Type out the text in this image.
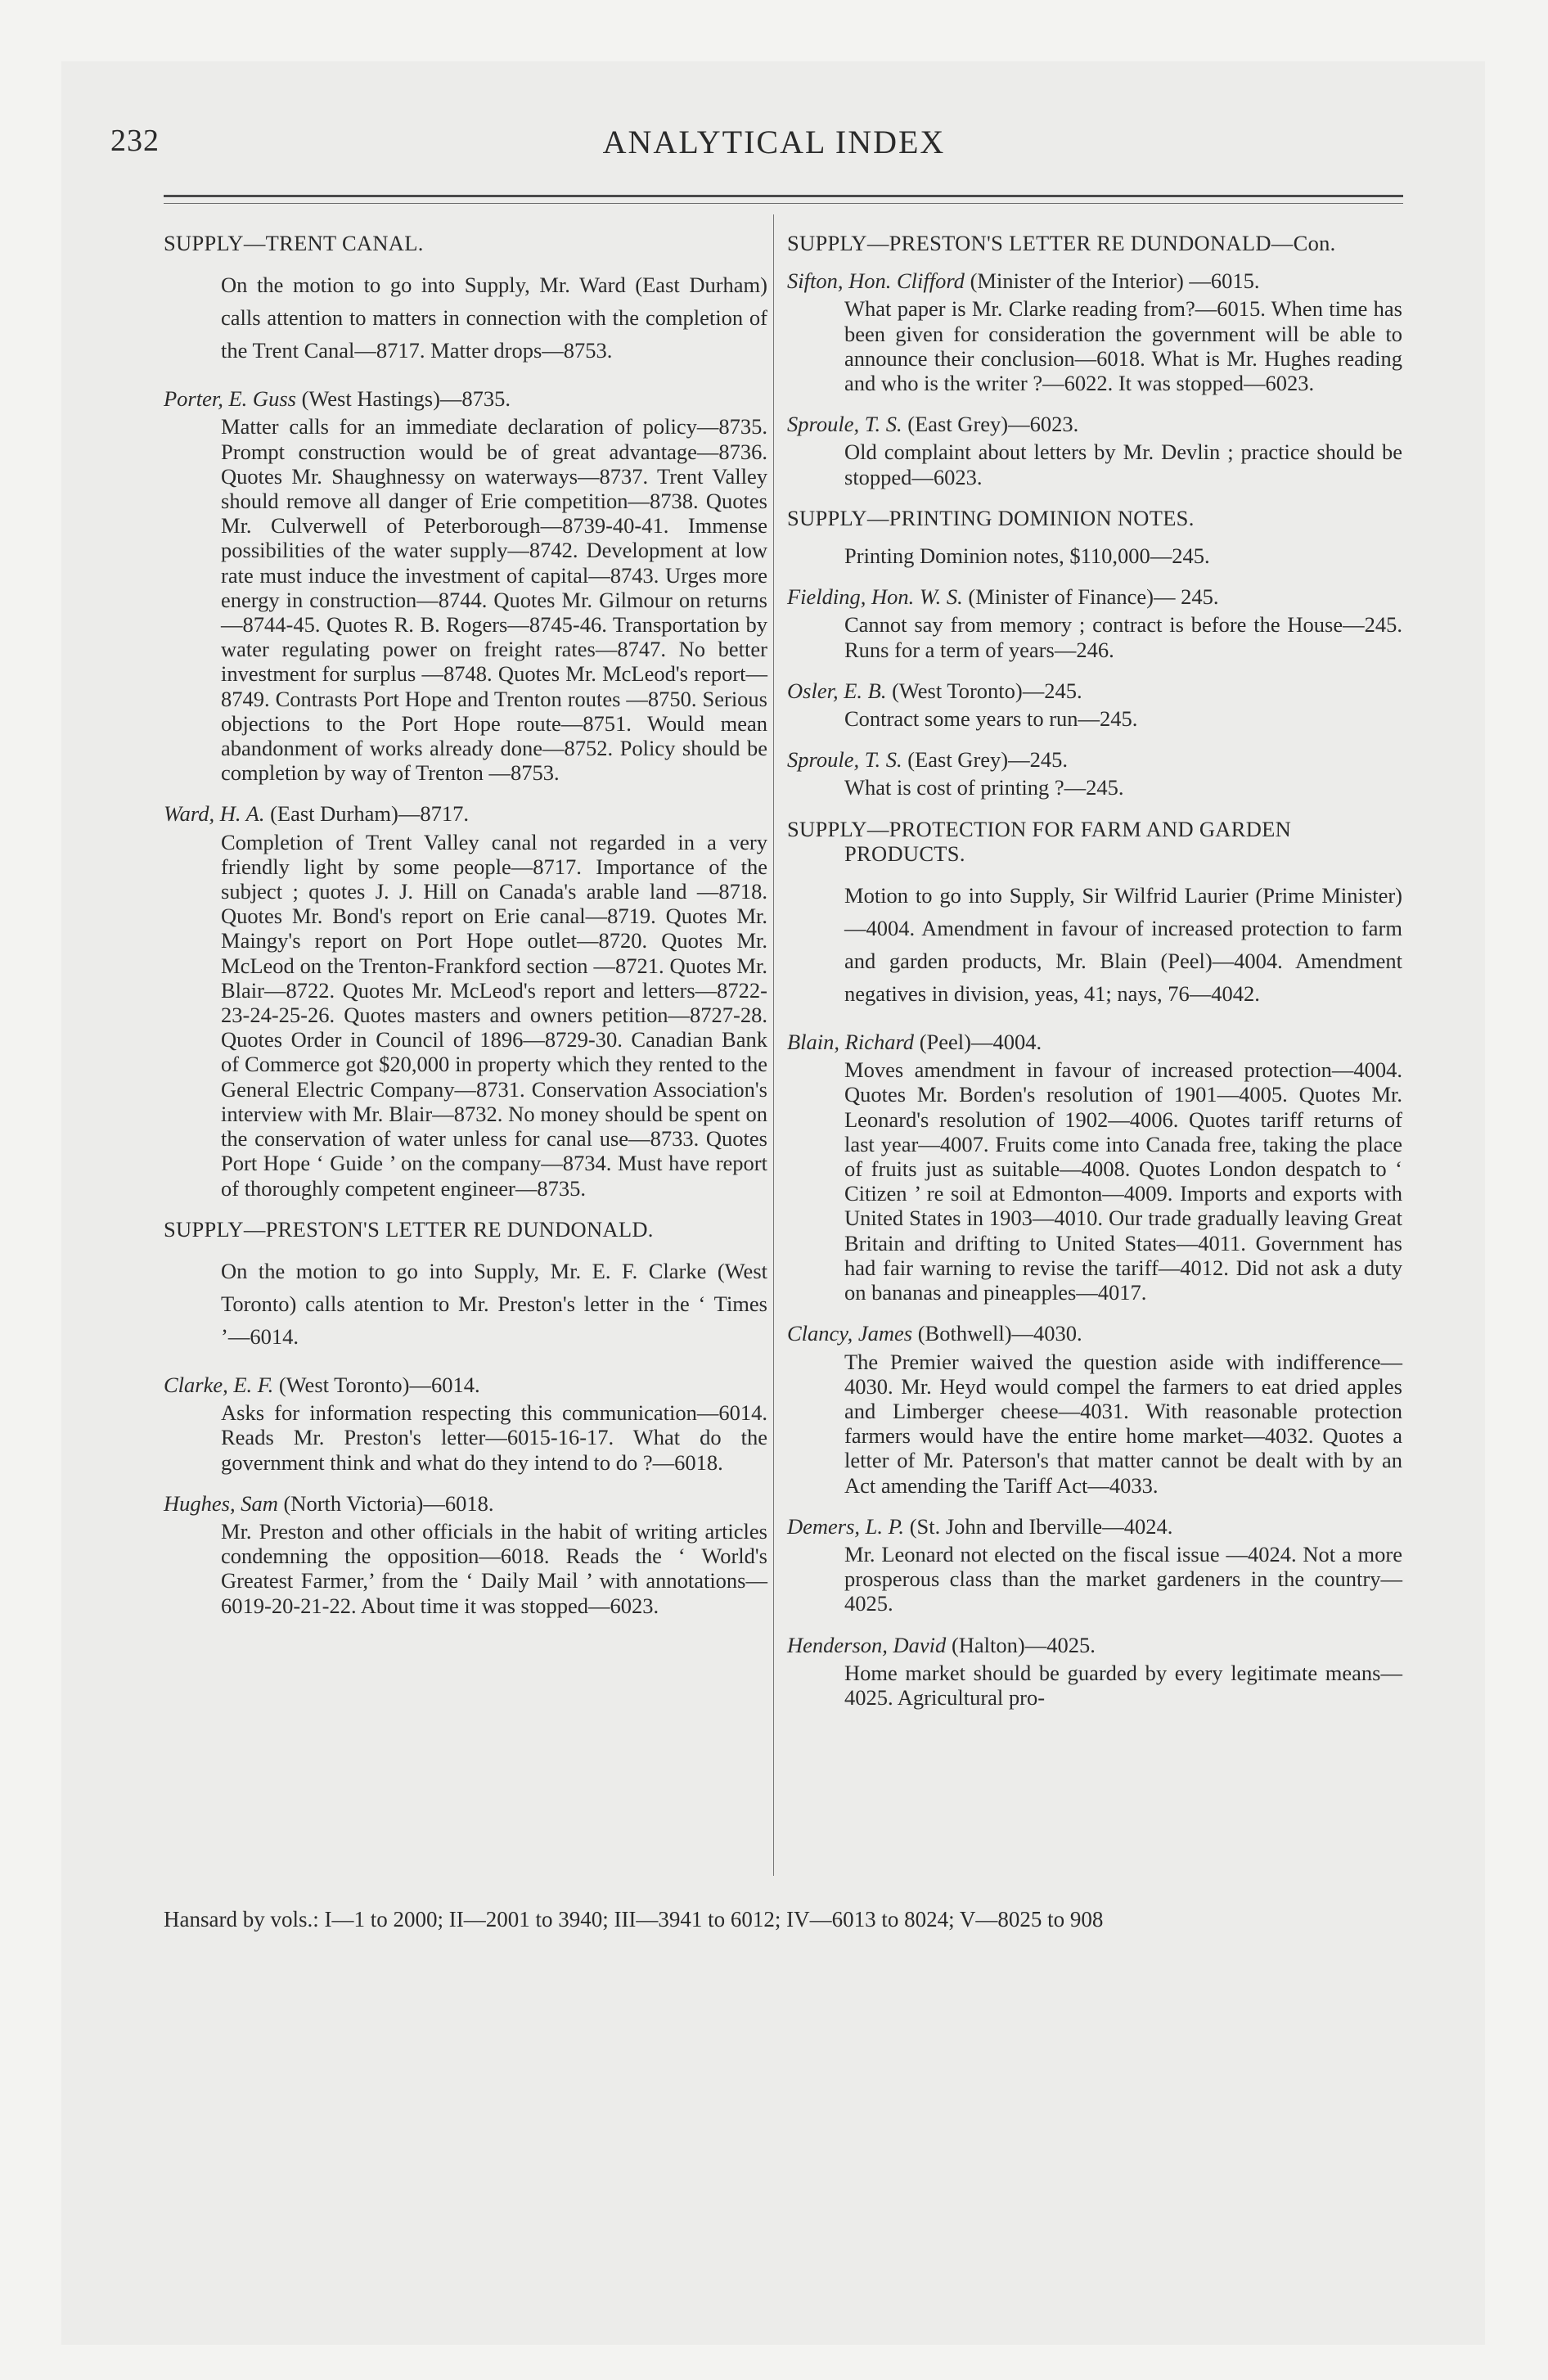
232	ANALYTICAL INDEX
SUPPLY—TRENT CANAL.
On the motion to go into Supply, Mr. Ward (East Durham) calls attention to matters in connection with the completion of the Trent Canal—8717. Matter drops—8753.
Porter, E. Guss (West Hastings)—8735.
Matter calls for an immediate declaration of policy—8735. Prompt construction would be of great advantage—8736. Quotes Mr. Shaughnessy on waterways—8737. Trent Valley should remove all danger of Erie competition—8738. Quotes Mr. Culverwell of Peterborough—8739-40-41. Immense possibilities of the water supply—8742. Development at low rate must induce the investment of capital—8743. Urges more energy in construction—8744. Quotes Mr. Gilmour on returns—8744-45. Quotes R. B. Rogers—8745-46. Transportation by water regulating power on freight rates—8747. No better investment for surplus —8748. Quotes Mr. McLeod's report—8749. Contrasts Port Hope and Trenton routes —8750. Serious objections to the Port Hope route—8751. Would mean abandonment of works already done—8752. Policy should be completion by way of Trenton —8753.
Ward, H. A. (East Durham)—8717.
Completion of Trent Valley canal not regarded in a very friendly light by some people—8717. Importance of the subject ; quotes J. J. Hill on Canada's arable land —8718. Quotes Mr. Bond's report on Erie canal—8719. Quotes Mr. Maingy's report on Port Hope outlet—8720. Quotes Mr. McLeod on the Trenton-Frankford section —8721. Quotes Mr. Blair—8722. Quotes Mr. McLeod's report and letters—8722-23-24-25-26. Quotes masters and owners petition—8727-28. Quotes Order in Council of 1896—8729-30. Canadian Bank of Commerce got $20,000 in property which they rented to the General Electric Company—8731. Conservation Association's interview with Mr. Blair—8732. No money should be spent on the conservation of water unless for canal use—8733. Quotes Port Hope ‘ Guide ’ on the company—8734. Must have report of thoroughly competent engineer—8735.
SUPPLY—PRESTON'S LETTER RE DUNDONALD.
On the motion to go into Supply, Mr. E. F. Clarke (West Toronto) calls atention to Mr. Preston's letter in the ‘ Times ’—6014.
Clarke, E. F. (West Toronto)—6014.
Asks for information respecting this communication—6014. Reads Mr. Preston's letter—6015-16-17. What do the government think and what do they intend to do ?—6018.
Hughes, Sam (North Victoria)—6018.
Mr. Preston and other officials in the habit of writing articles condemning the opposition—6018. Reads the ‘ World's Greatest Farmer,’ from the ‘ Daily Mail ’ with annotations—6019-20-21-22. About time it was stopped—6023.
SUPPLY—PRESTON'S LETTER RE DUNDONALD—Con.
Sifton, Hon. Clifford (Minister of the Interior) —6015.
What paper is Mr. Clarke reading from?—6015. When time has been given for consideration the government will be able to announce their conclusion—6018. What is Mr. Hughes reading and who is the writer ?—6022. It was stopped—6023.
Sproule, T. S. (East Grey)—6023.
Old complaint about letters by Mr. Devlin ; practice should be stopped—6023.
SUPPLY—PRINTING DOMINION NOTES.
Printing Dominion notes, $110,000—245.
Fielding, Hon. W. S. (Minister of Finance)— 245.
Cannot say from memory ; contract is before the House—245. Runs for a term of years—246.
Osler, E. B. (West Toronto)—245.
Contract some years to run—245.
Sproule, T. S. (East Grey)—245.
What is cost of printing ?—245.
SUPPLY—PROTECTION FOR FARM AND GARDEN PRODUCTS.
Motion to go into Supply, Sir Wilfrid Laurier (Prime Minister)—4004. Amendment in favour of increased protection to farm and garden products, Mr. Blain (Peel)—4004. Amendment negatives in division, yeas, 41; nays, 76—4042.
Blain, Richard (Peel)—4004.
Moves amendment in favour of increased protection—4004. Quotes Mr. Borden's resolution of 1901—4005. Quotes Mr. Leonard's resolution of 1902—4006. Quotes tariff returns of last year—4007. Fruits come into Canada free, taking the place of fruits just as suitable—4008. Quotes London despatch to ‘ Citizen ’ re soil at Edmonton—4009. Imports and exports with United States in 1903—4010. Our trade gradually leaving Great Britain and drifting to United States—4011. Government has had fair warning to revise the tariff—4012. Did not ask a duty on bananas and pineapples—4017.
Clancy, James (Bothwell)—4030.
The Premier waived the question aside with indifference—4030. Mr. Heyd would compel the farmers to eat dried apples and Limberger cheese—4031. With reasonable protection farmers would have the entire home market—4032. Quotes a letter of Mr. Paterson's that matter cannot be dealt with by an Act amending the Tariff Act—4033.
Demers, L. P. (St. John and Iberville—4024.
Mr. Leonard not elected on the fiscal issue —4024. Not a more prosperous class than the market gardeners in the country—4025.
Henderson, David (Halton)—4025.
Home market should be guarded by every legitimate means—4025. Agricultural pro-
Hansard by vols.: I—1 to 2000; II—2001 to 3940; III—3941 to 6012; IV—6013 to 8024; V—8025 to 908
